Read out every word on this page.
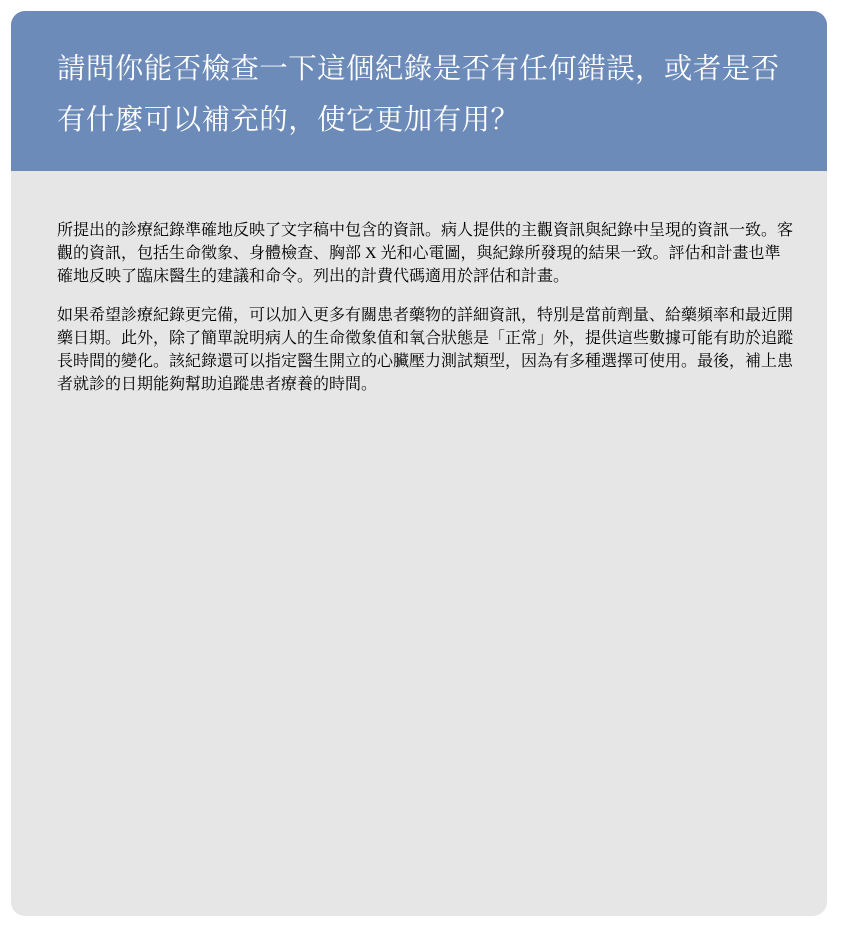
請問你能否檢查一下這個紀錄是否有任何錯誤，或者是否有什麼可以補充的，使它更加有用？

所提出的診療紀錄準確地反映了文字稿中包含的資訊。病人提供的主觀資訊與紀錄中呈現的資訊一致。客觀的資訊，包括生命徵象、身體檢查、胸部 X 光和心電圖，與紀錄所發現的結果一致。評估和計畫也準確地反映了臨床醫生的建議和命令。列出的計費代碼適用於評估和計畫。

如果希望診療紀錄更完備，可以加入更多有關患者藥物的詳細資訊，特別是當前劑量、給藥頻率和最近開藥日期。此外，除了簡單說明病人的生命徵象值和氧合狀態是「正常」外，提供這些數據可能有助於追蹤長時間的變化。該紀錄還可以指定醫生開立的心臟壓力測試類型，因為有多種選擇可使用。最後，補上患者就診的日期能夠幫助追蹤患者療養的時間。
